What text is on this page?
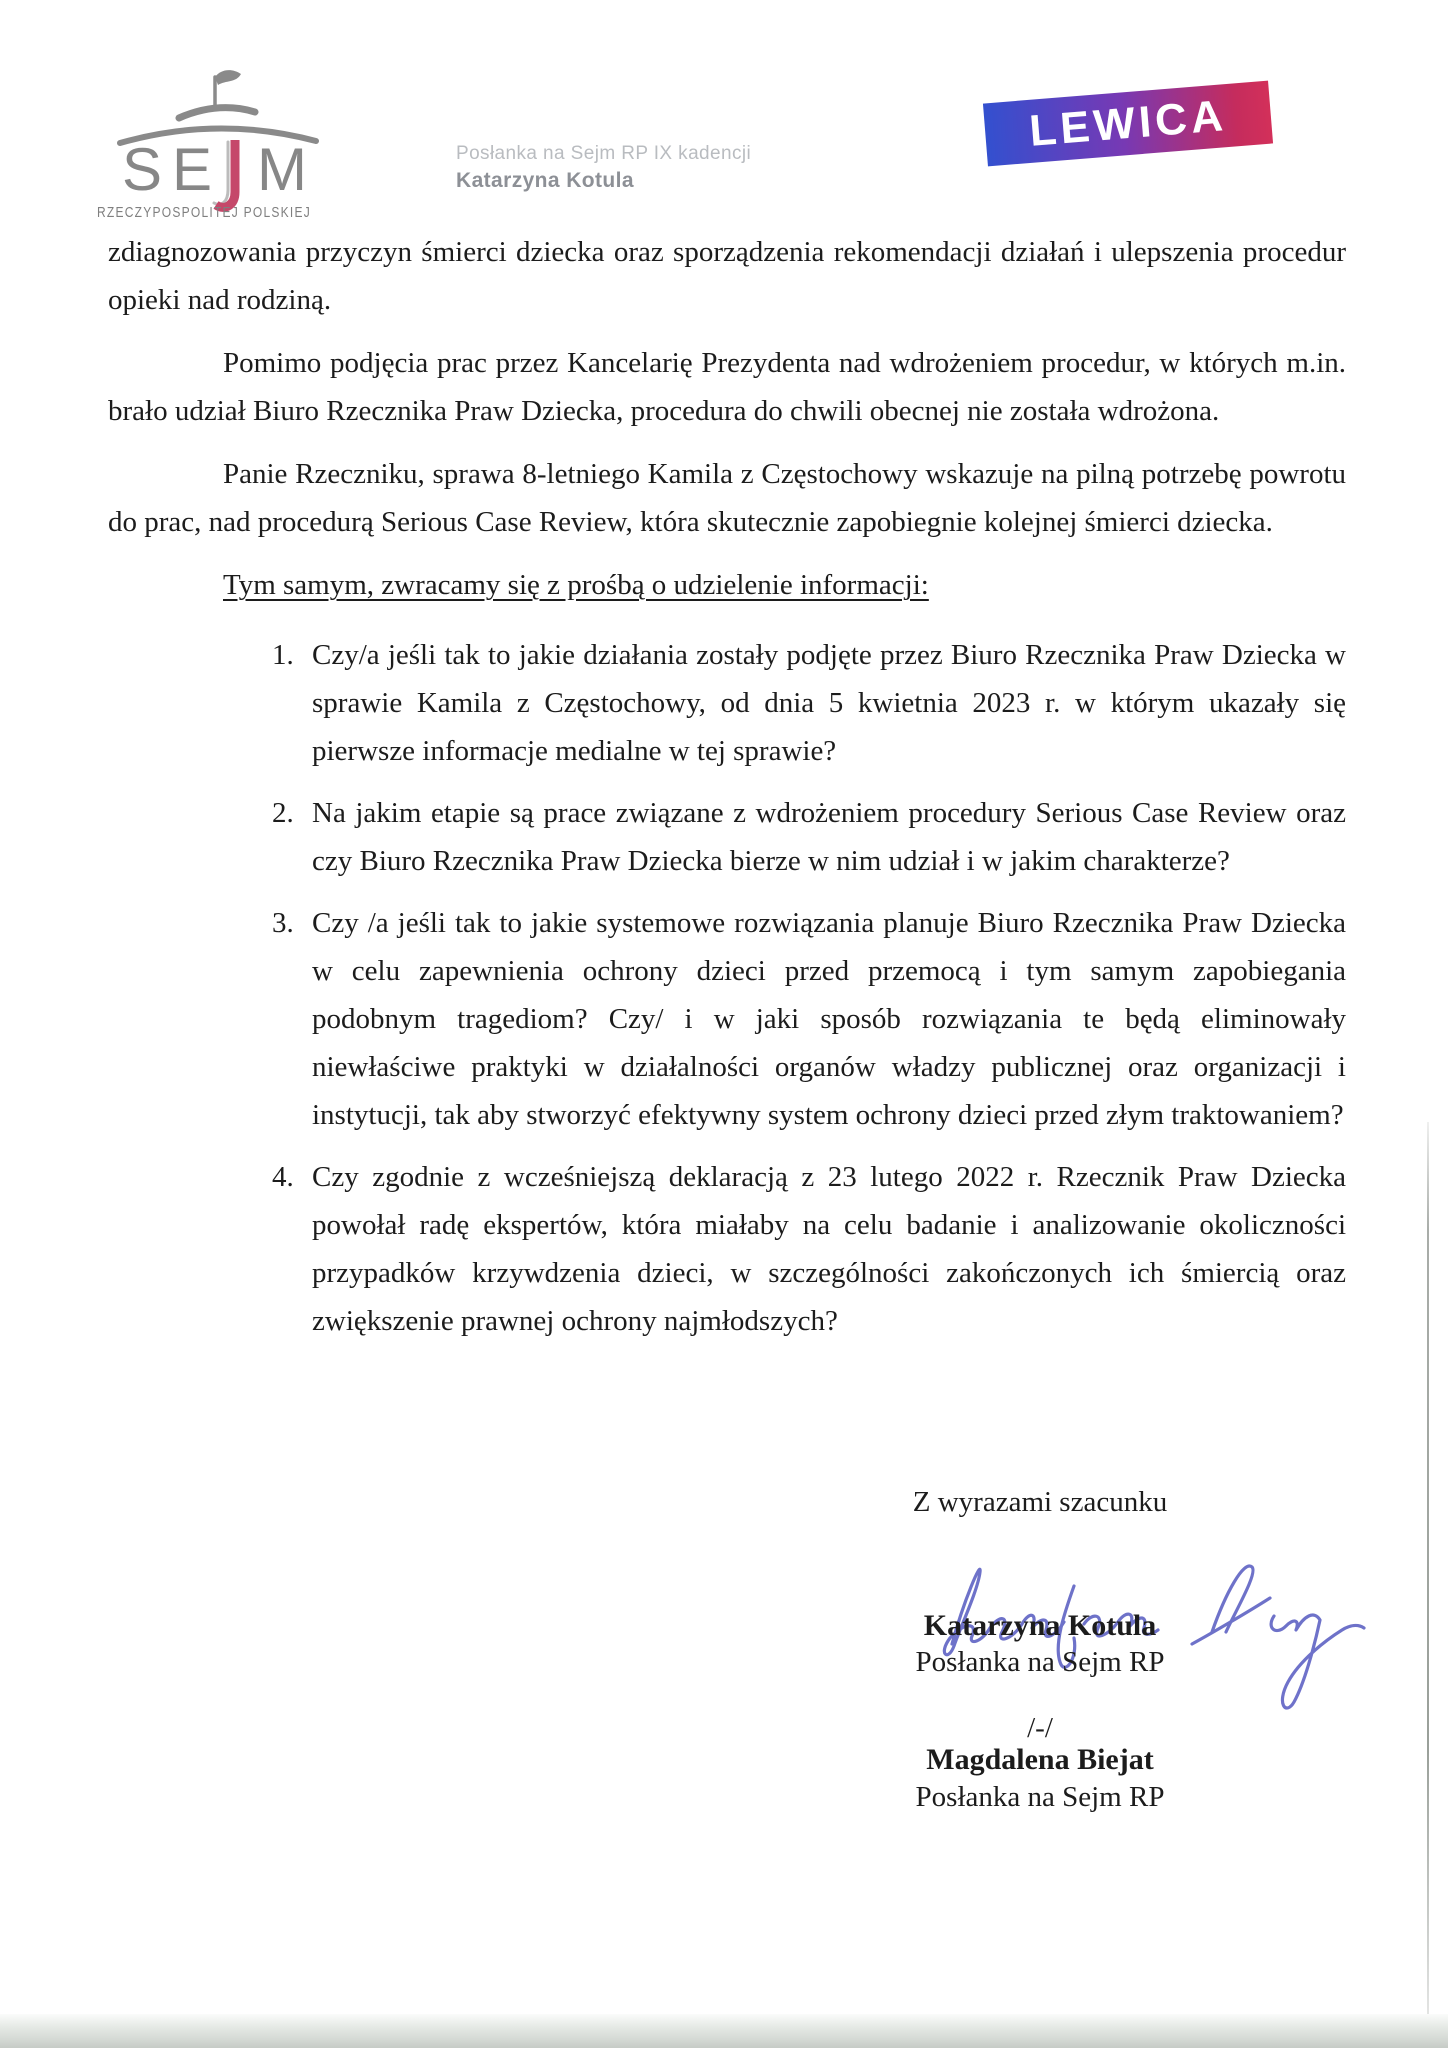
S E M
RZECZYPOSPOLITEJ POLSKIEJ
Posłanka na Sejm RP IX kadencji
Katarzyna Kotula
LEWICA

zdiagnozowania przyczyn śmierci dziecka oraz sporządzenia rekomendacji działań i ulepszenia procedur opieki nad rodziną.

Pomimo podjęcia prac przez Kancelarię Prezydenta nad wdrożeniem procedur, w których m.in. brało udział Biuro Rzecznika Praw Dziecka, procedura do chwili obecnej nie została wdrożona.

Panie Rzeczniku, sprawa 8-letniego Kamila z Częstochowy wskazuje na pilną potrzebę powrotu do prac, nad procedurą Serious Case Review, która skutecznie zapobiegnie kolejnej śmierci dziecka.

Tym samym, zwracamy się z prośbą o udzielenie informacji:

1. Czy/a jeśli tak to jakie działania zostały podjęte przez Biuro Rzecznika Praw Dziecka w sprawie Kamila z Częstochowy, od dnia 5 kwietnia 2023 r. w którym ukazały się pierwsze informacje medialne w tej sprawie?
2. Na jakim etapie są prace związane z wdrożeniem procedury Serious Case Review oraz czy Biuro Rzecznika Praw Dziecka bierze w nim udział i w jakim charakterze?
3. Czy /a jeśli tak to jakie systemowe rozwiązania planuje Biuro Rzecznika Praw Dziecka w celu zapewnienia ochrony dzieci przed przemocą i tym samym zapobiegania podobnym tragediom? Czy/ i w jaki sposób rozwiązania te będą eliminowały niewłaściwe praktyki w działalności organów władzy publicznej oraz organizacji i instytucji, tak aby stworzyć efektywny system ochrony dzieci przed złym traktowaniem?
4. Czy zgodnie z wcześniejszą deklaracją z 23 lutego 2022 r. Rzecznik Praw Dziecka powołał radę ekspertów, która miałaby na celu badanie i analizowanie okoliczności przypadków krzywdzenia dzieci, w szczególności zakończonych ich śmiercią oraz zwiększenie prawnej ochrony najmłodszych?
Z wyrazami szacunku
Katarzyna Kotula
Posłanka na Sejm RP
/-/
Magdalena Biejat
Posłanka na Sejm RP
